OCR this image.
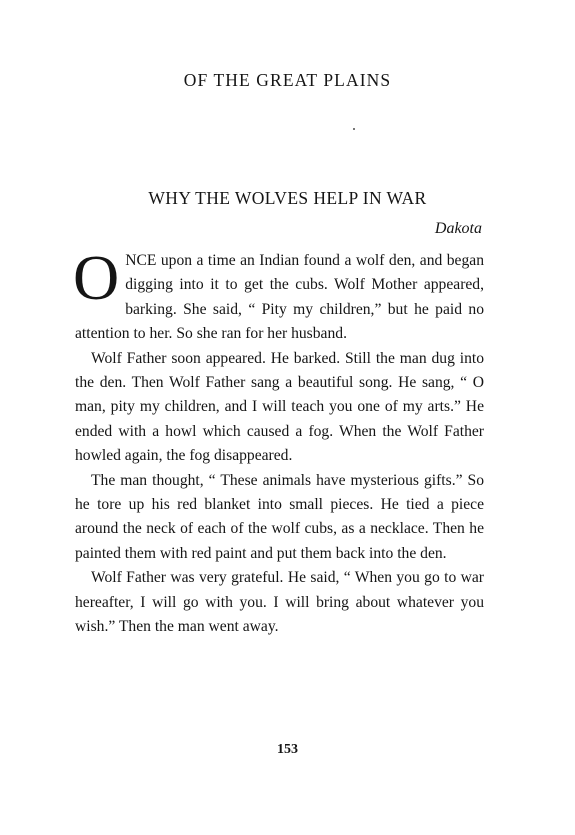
OF THE GREAT PLAINS
WHY THE WOLVES HELP IN WAR
Dakota

ONCE upon a time an Indian found a wolf den, and began digging into it to get the cubs. Wolf Mother appeared, barking. She said, “ Pity my children,” but he paid no attention to her. So she ran for her husband.

Wolf Father soon appeared. He barked. Still the man dug into the den. Then Wolf Father sang a beautiful song. He sang, “ O man, pity my children, and I will teach you one of my arts.” He ended with a howl which caused a fog. When the Wolf Father howled again, the fog disappeared.

The man thought, “ These animals have mysterious gifts.” So he tore up his red blanket into small pieces. He tied a piece around the neck of each of the wolf cubs, as a necklace. Then he painted them with red paint and put them back into the den.

Wolf Father was very grateful. He said, “ When you go to war hereafter, I will go with you. I will bring about whatever you wish.” Then the man went away.

153
